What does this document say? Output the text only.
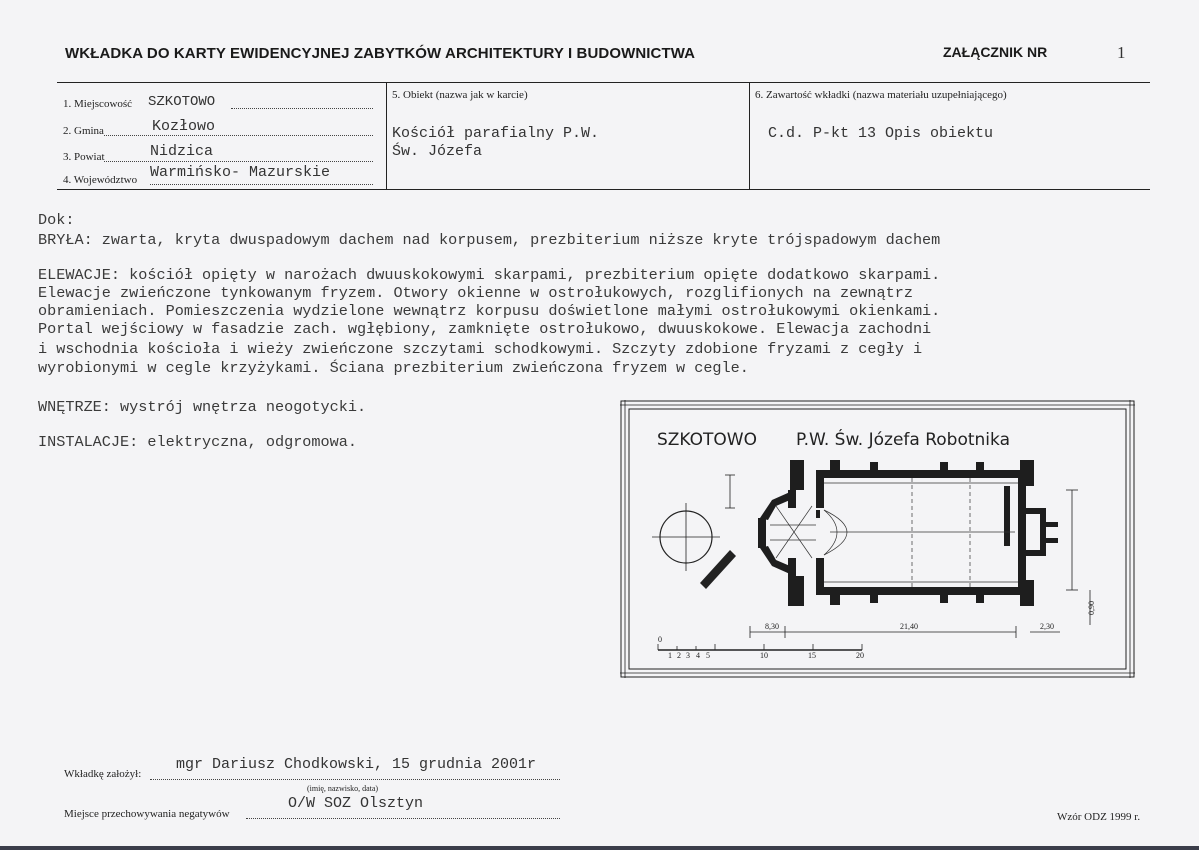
WKŁADKA DO KARTY EWIDENCYJNEJ ZABYTKÓW ARCHITEKTURY I BUDOWNICTWA	ZAŁĄCZNIK NR	1
1. Miejscowość SZKOTOWO
2. Gmina	Kozłowo
3. Powiat	Nidzica
4. Województwo Warmińsko- Mazurskie
5. Obiekt (nazwa jak w karcie)
Kościół parafialny P.W.
Św. Józefa
6. Zawartość wkładki (nazwa materiału uzupełniającego)
C.d. P-kt 13 Opis obiektu
Dok:
BRYŁA: zwarta, kryta dwuspadowym dachem nad korpusem, prezbiterium niższe kryte trójspadowym dachem
ELEWACJE: kościół opięty w narożach dwuuskokowymi skarpami, prezbiterium opięte dodatkowo skarpami.
Elewacje zwieńczone tynkowanym fryzem. Otwory okienne w ostrołukowych, rozglifionych na zewnątrz
obramieniach. Pomieszczenia wydzielone wewnątrz korpusu doświetlone małymi ostrołukowymi okienkami.
Portal wejściowy w fasadzie zach. wgłębiony, zamknięte ostrołukowo, dwuuskokowe. Elewacja zachodni
i wschodnia kościoła i wieży zwieńczone szczytami schodkowymi. Szczyty zdobione fryzami z cegły i
wyrobionymi w cegle krzyżykami. Ściana prezbiterium zwieńczona fryzem w cegle.
WNĘTRZE: wystrój wnętrza neogotycki.
INSTALACJE: elektryczna, odgromowa.	SZKOTOWO P.W. Św. Józefa Robotnika
0
1 2 3 4 5	10	15	20
8,30	21,40	2,30
0,90
Wkładkę założył:
mgr Dariusz Chodkowski, 15 grudnia 2001r
(imię, nazwisko, data)
Miejsce przechowywania negatywów
O/W SOZ Olsztyn
Wzór ODZ 1999 r.
